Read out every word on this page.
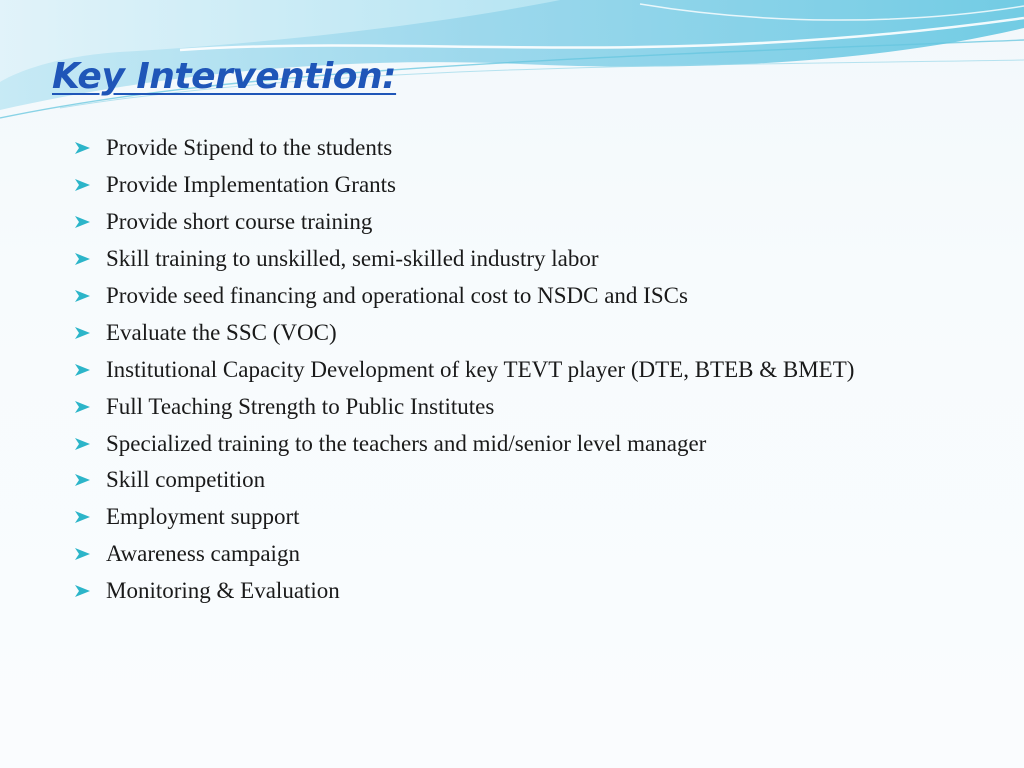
Key Intervention:
Provide Stipend to the students
Provide Implementation Grants
Provide short course training
Skill training to unskilled, semi-skilled industry labor
Provide seed financing and operational cost to NSDC and ISCs
Evaluate the SSC (VOC)
Institutional Capacity Development of key TEVT player (DTE, BTEB & BMET)
Full Teaching Strength to Public Institutes
Specialized training to the teachers and mid/senior level manager
Skill competition
Employment support
Awareness campaign
Monitoring & Evaluation
